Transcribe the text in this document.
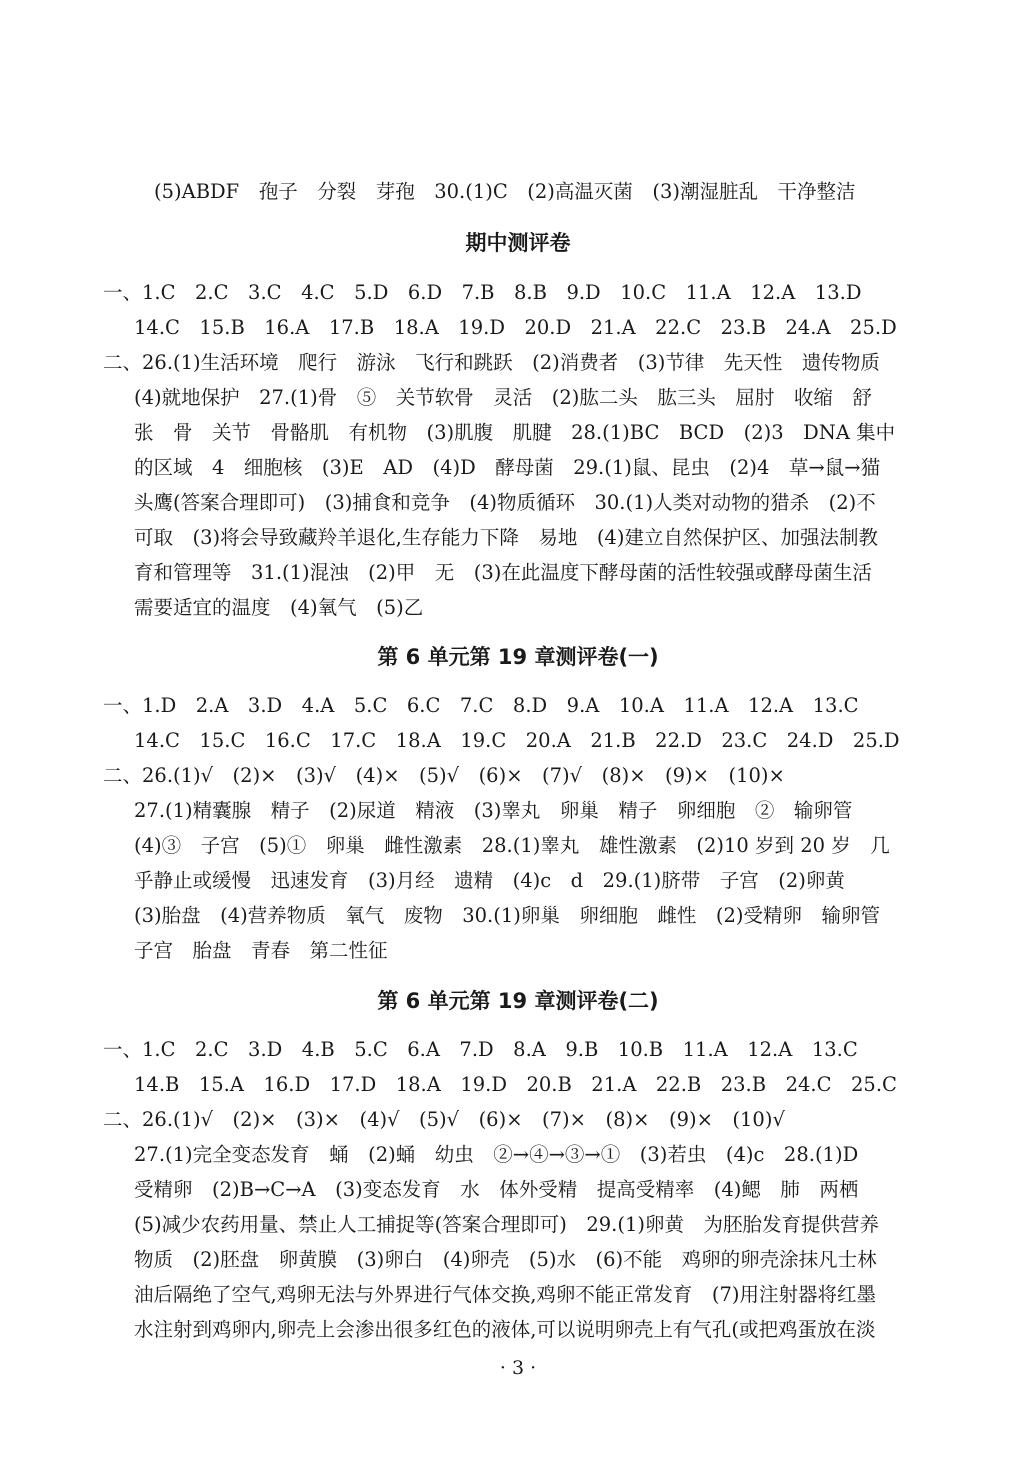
(5)ABDF　孢子　分裂　芽孢　30.(1)C　(2)高温灭菌　(3)潮湿脏乱　干净整洁
期中测评卷
一、1.C　2.C　3.C　4.C　5.D　6.D　7.B　8.B　9.D　10.C　11.A　12.A　13.D
14.C　15.B　16.A　17.B　18.A　19.D　20.D　21.A　22.C　23.B　24.A　25.D
二、26.(1)生活环境　爬行　游泳　飞行和跳跃　(2)消费者　(3)节律　先天性　遗传物质
(4)就地保护　27.(1)骨　⑤　关节软骨　灵活　(2)肱二头　肱三头　屈肘　收缩　舒
张　骨　关节　骨骼肌　有机物　(3)肌腹　肌腱　28.(1)BC　BCD　(2)3　DNA 集中
的区域　4　细胞核　(3)E　AD　(4)D　酵母菌　29.(1)鼠、昆虫　(2)4　草→鼠→猫
头鹰(答案合理即可)　(3)捕食和竞争　(4)物质循环　30.(1)人类对动物的猎杀　(2)不
可取　(3)将会导致藏羚羊退化,生存能力下降　易地　(4)建立自然保护区、加强法制教
育和管理等　31.(1)混浊　(2)甲　无　(3)在此温度下酵母菌的活性较强或酵母菌生活
需要适宜的温度　(4)氧气　(5)乙
第 6 单元第 19 章测评卷(一)
一、1.D　2.A　3.D　4.A　5.C　6.C　7.C　8.D　9.A　10.A　11.A　12.A　13.C
14.C　15.C　16.C　17.C　18.A　19.C　20.A　21.B　22.D　23.C　24.D　25.D
二、26.(1)√　(2)×　(3)√　(4)×　(5)√　(6)×　(7)√　(8)×　(9)×　(10)×
27.(1)精囊腺　精子　(2)尿道　精液　(3)睾丸　卵巢　精子　卵细胞　②　输卵管
(4)③　子宫　(5)①　卵巢　雌性激素　28.(1)睾丸　雄性激素　(2)10 岁到 20 岁　几
乎静止或缓慢　迅速发育　(3)月经　遗精　(4)c　d　29.(1)脐带　子宫　(2)卵黄
(3)胎盘　(4)营养物质　氧气　废物　30.(1)卵巢　卵细胞　雌性　(2)受精卵　输卵管
子宫　胎盘　青春　第二性征
第 6 单元第 19 章测评卷(二)
一、1.C　2.C　3.D　4.B　5.C　6.A　7.D　8.A　9.B　10.B　11.A　12.A　13.C
14.B　15.A　16.D　17.D　18.A　19.D　20.B　21.A　22.B　23.B　24.C　25.C
二、26.(1)√　(2)×　(3)×　(4)√　(5)√　(6)×　(7)×　(8)×　(9)×　(10)√
27.(1)完全变态发育　蛹　(2)蛹　幼虫　②→④→③→①　(3)若虫　(4)c　28.(1)D
受精卵　(2)B→C→A　(3)变态发育　水　体外受精　提高受精率　(4)鳃　肺　两栖
(5)减少农药用量、禁止人工捕捉等(答案合理即可)　29.(1)卵黄　为胚胎发育提供营养
物质　(2)胚盘　卵黄膜　(3)卵白　(4)卵壳　(5)水　(6)不能　鸡卵的卵壳涂抹凡士林
油后隔绝了空气,鸡卵无法与外界进行气体交换,鸡卵不能正常发育　(7)用注射器将红墨
水注射到鸡卵内,卵壳上会渗出很多红色的液体,可以说明卵壳上有气孔(或把鸡蛋放在淡
· 3 ·
